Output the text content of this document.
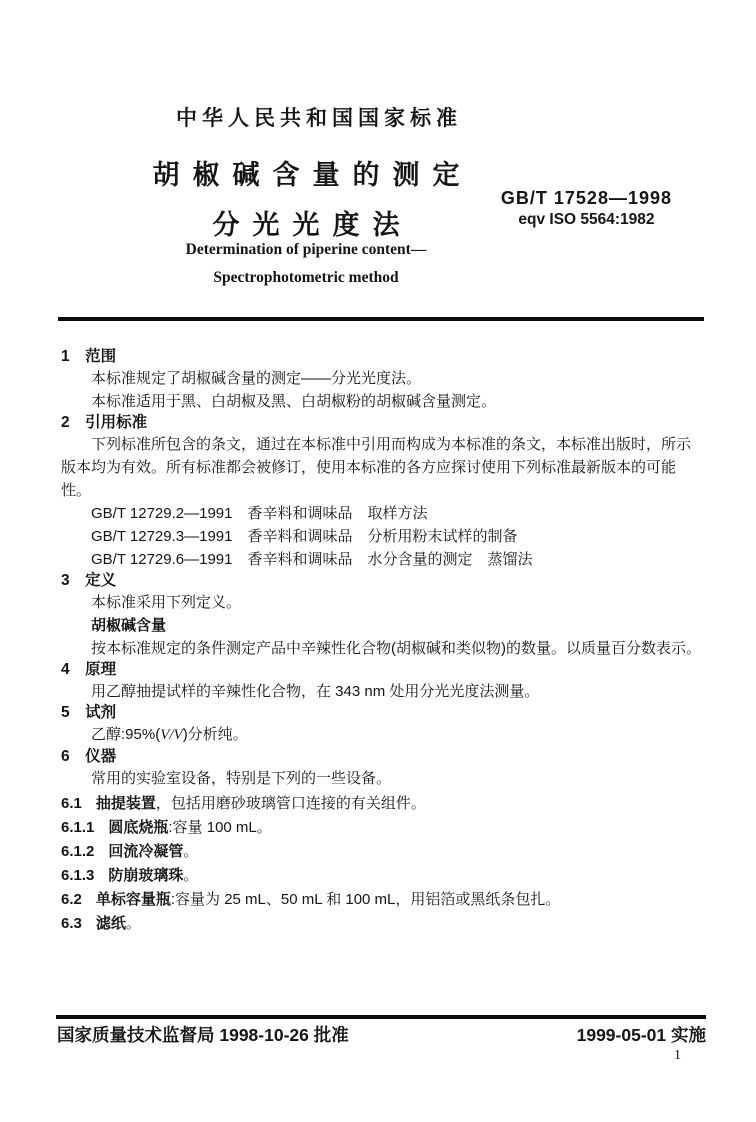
中华人民共和国国家标准
胡椒碱含量的测定
分光光度法
GB/T 17528—1998
eqv ISO 5564:1982
Determination of piperine content—
Spectrophotometric method
1　范围

本标准规定了胡椒碱含量的测定——分光光度法。

本标准适用于黑、白胡椒及黑、白胡椒粉的胡椒碱含量测定。

2　引用标准

下列标准所包含的条文，通过在本标准中引用而构成为本标准的条文，本标准出版时，所示版本均为有效。所有标准都会被修订，使用本标准的各方应探讨使用下列标准最新版本的可能性。

GB/T 12729.2—1991　香辛料和调味品　取样方法
GB/T 12729.3—1991　香辛料和调味品　分析用粉末试样的制备
GB/T 12729.6—1991　香辛料和调味品　水分含量的测定　蒸馏法
3　定义

本标准采用下列定义。

胡椒碱含量

按本标准规定的条件测定产品中辛辣性化合物(胡椒碱和类似物)的数量。以质量百分数表示。

4　原理

用乙醇抽提试样的辛辣性化合物，在 343 nm 处用分光光度法测量。

5　试剂

乙醇:95%(V/V)分析纯。

6　仪器

常用的实验室设备，特别是下列的一些设备。

6.1 抽提装置，包括用磨砂玻璃管口连接的有关组件。
6.1.1 圆底烧瓶:容量 100 mL。
6.1.2 回流冷凝管。
6.1.3 防崩玻璃珠。
6.2 单标容量瓶:容量为 25 mL、50 mL 和 100 mL，用铝箔或黑纸条包扎。
6.3 滤纸。
国家质量技术监督局 1998-10-26 批准	1999-05-01 实施
1
